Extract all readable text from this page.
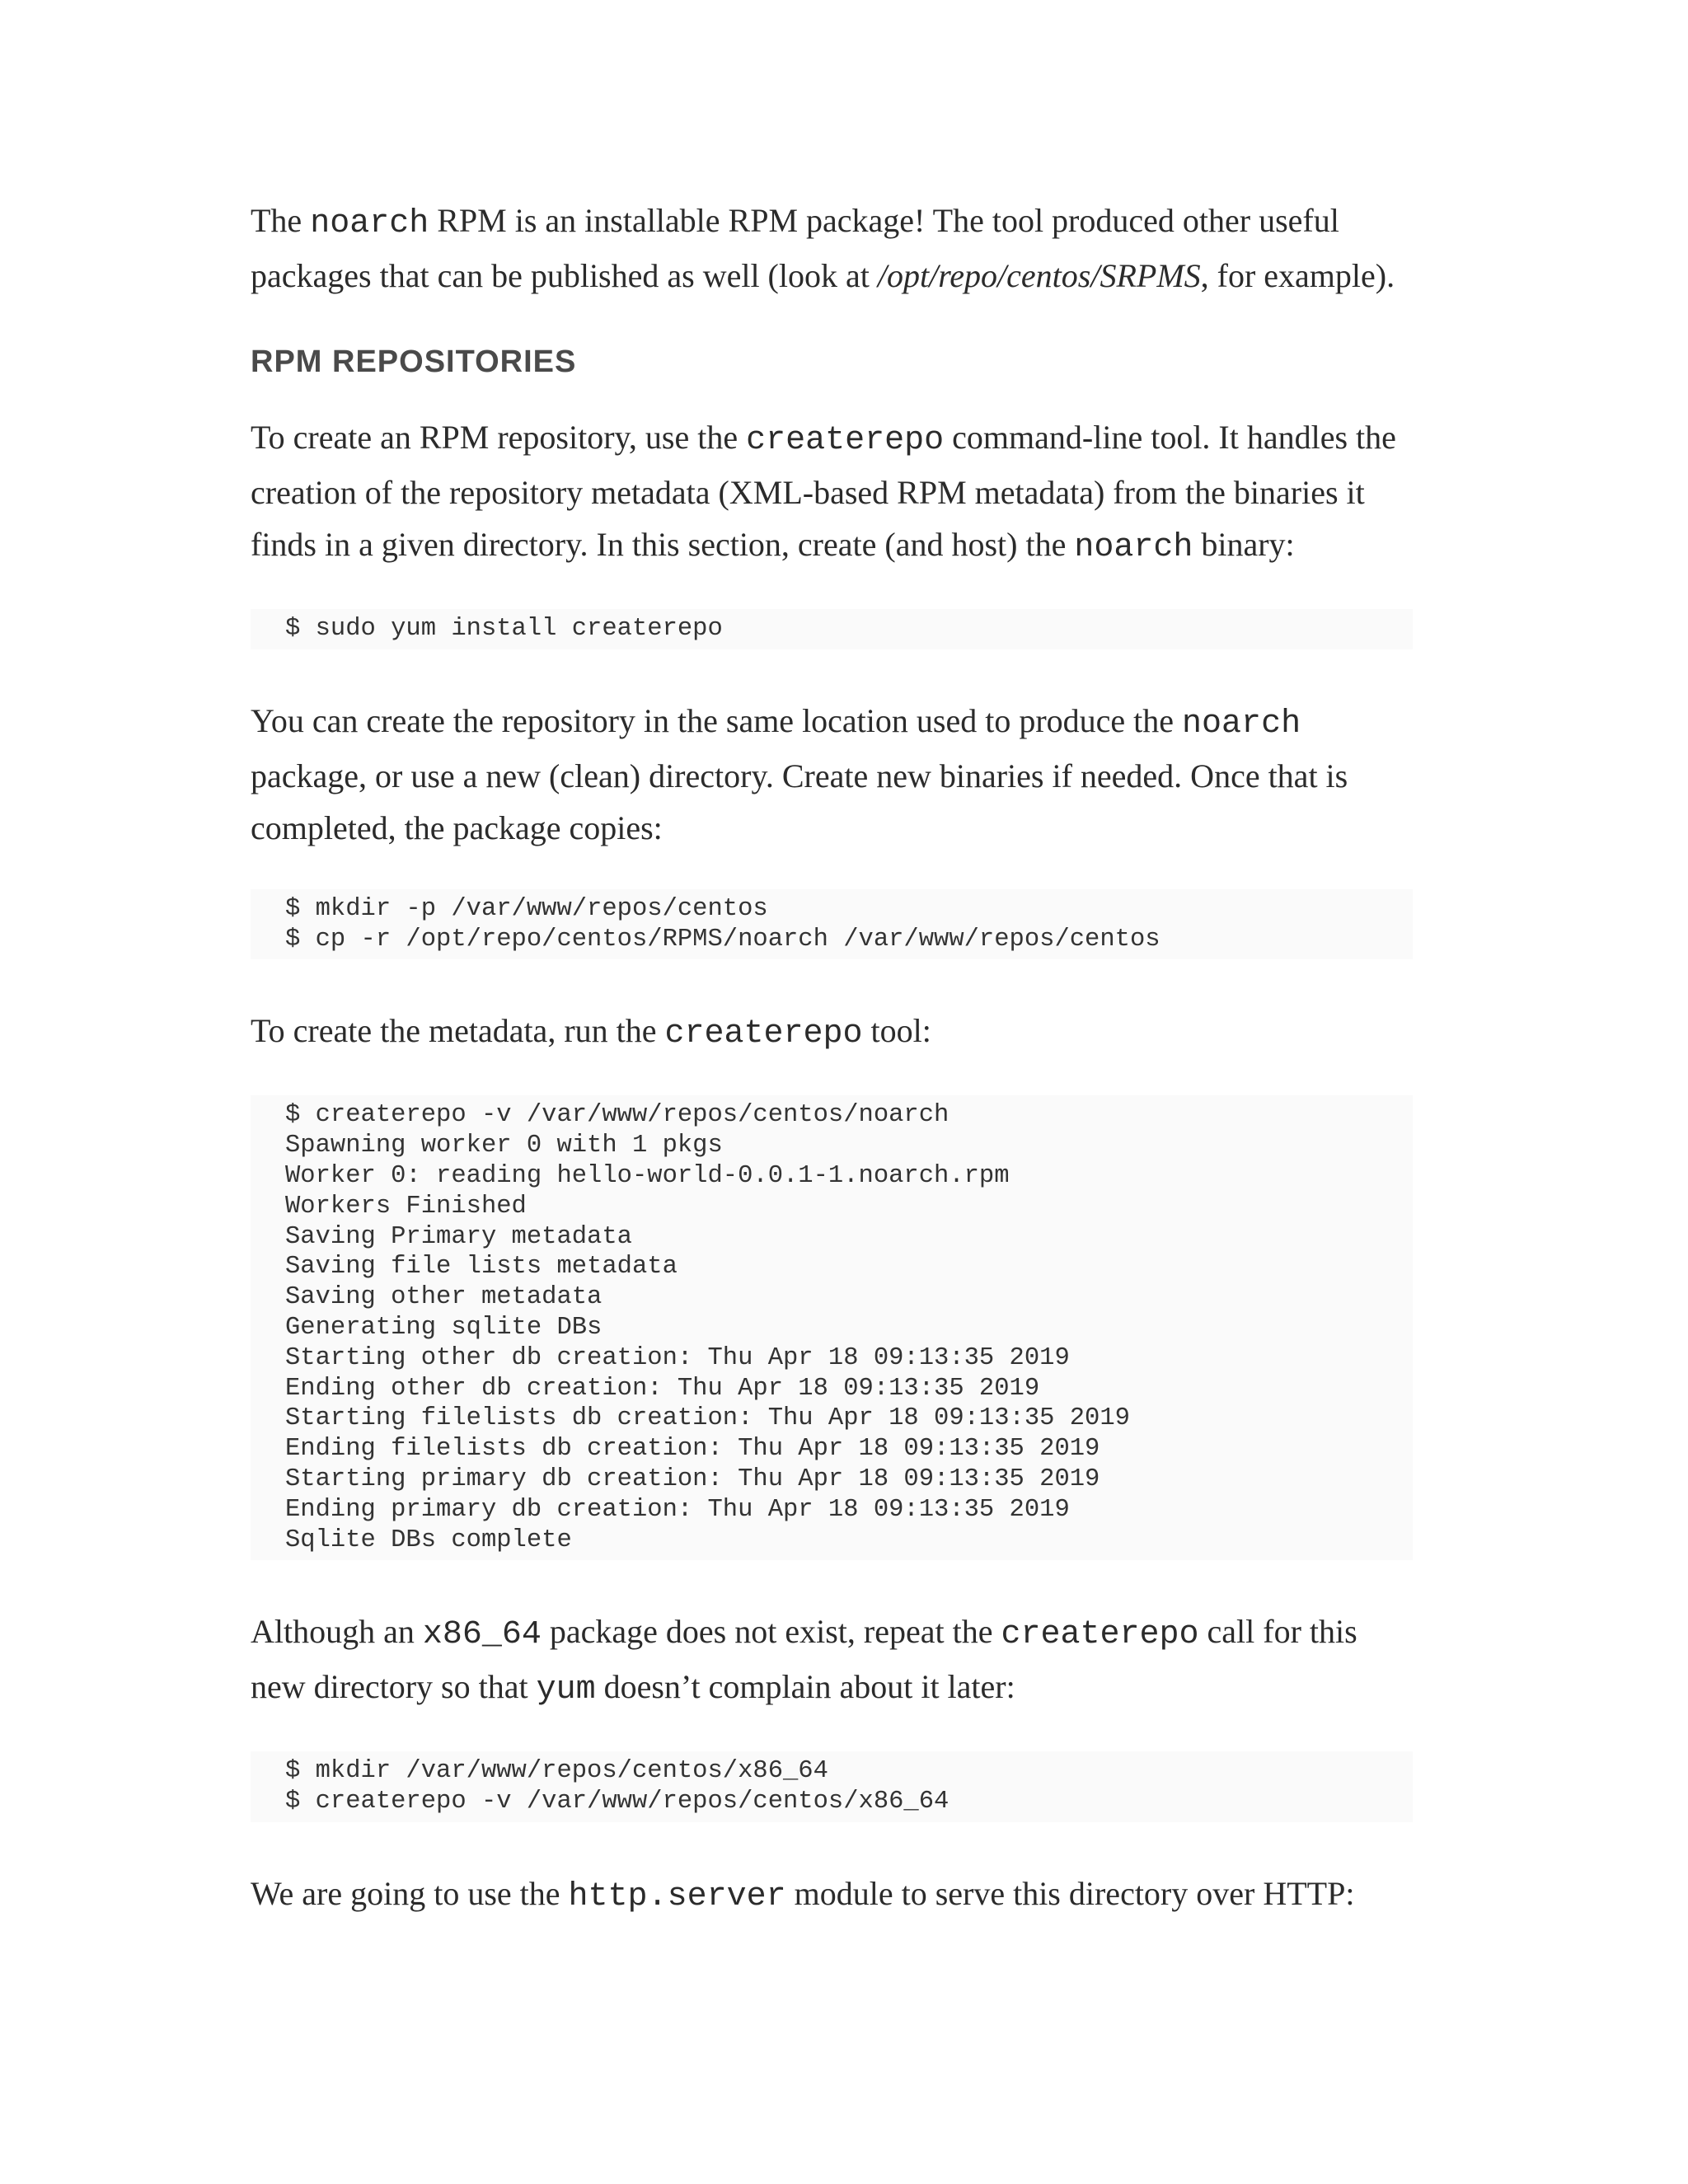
The noarch RPM is an installable RPM package! The tool produced other useful packages that can be published as well (look at /opt/repo/centos/SRPMS, for example).

RPM REPOSITORIES

To create an RPM repository, use the createrepo command-line tool. It handles the creation of the repository metadata (XML-based RPM metadata) from the binaries it finds in a given directory. In this section, create (and host) the noarch binary:

$ sudo yum install createrepo

You can create the repository in the same location used to produce the noarch package, or use a new (clean) directory. Create new binaries if needed. Once that is completed, the package copies:

$ mkdir -p /var/www/repos/centos
$ cp -r /opt/repo/centos/RPMS/noarch /var/www/repos/centos

To create the metadata, run the createrepo tool:

$ createrepo -v /var/www/repos/centos/noarch
Spawning worker 0 with 1 pkgs
Worker 0: reading hello-world-0.0.1-1.noarch.rpm
Workers Finished
Saving Primary metadata
Saving file lists metadata
Saving other metadata
Generating sqlite DBs
Starting other db creation: Thu Apr 18 09:13:35 2019
Ending other db creation: Thu Apr 18 09:13:35 2019
Starting filelists db creation: Thu Apr 18 09:13:35 2019
Ending filelists db creation: Thu Apr 18 09:13:35 2019
Starting primary db creation: Thu Apr 18 09:13:35 2019
Ending primary db creation: Thu Apr 18 09:13:35 2019
Sqlite DBs complete

Although an x86_64 package does not exist, repeat the createrepo call for this new directory so that yum doesn’t complain about it later:

$ mkdir /var/www/repos/centos/x86_64
$ createrepo -v /var/www/repos/centos/x86_64

We are going to use the http.server module to serve this directory over HTTP:
